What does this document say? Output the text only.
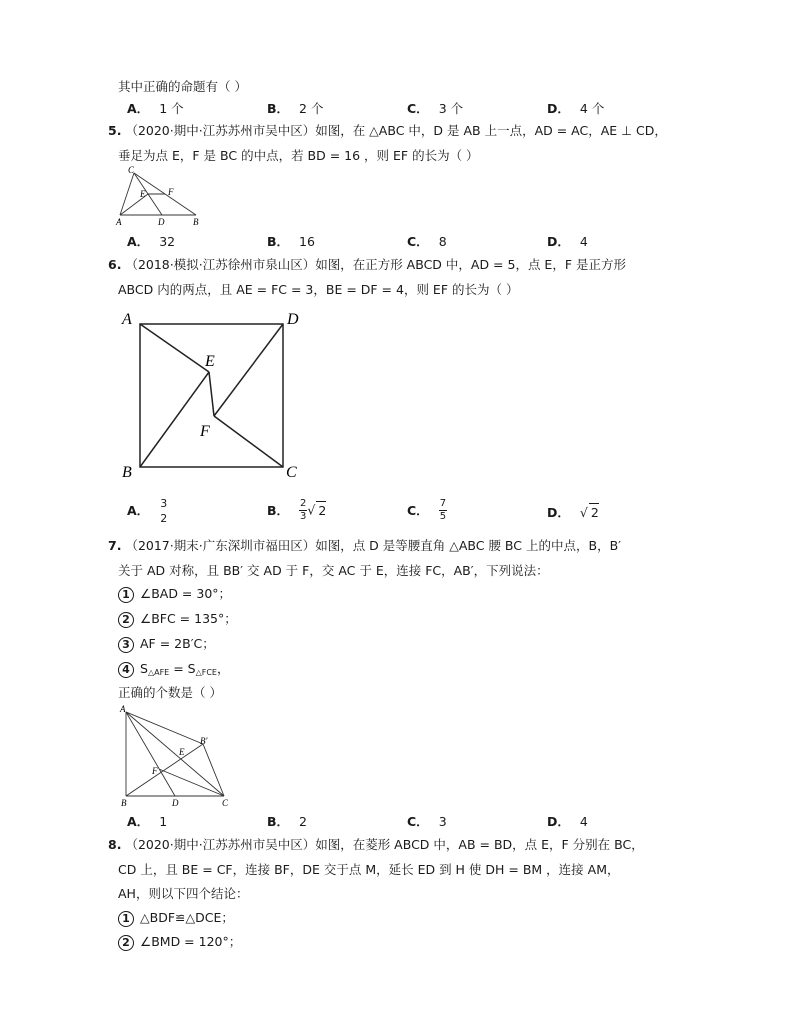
其中正确的命题有（ ）
A． 1 个	B． 2 个	C． 3 个	D． 4 个
5. （2020·期中·江苏苏州市吴中区）如图，在 △ABC 中，D 是 AB 上一点，AD = AC，AE ⊥ CD，
垂足为点 E，F 是 BC 的中点，若 BD = 16 ，则 EF 的长为（ ）
C
E	F
A	D	B
A． 32	B． 16	C． 8	D． 4
6. （2018·模拟·江苏徐州市泉山区）如图，在正方形 ABCD 中，AD = 5，点 E，F 是正方形
ABCD 内的两点，且 AE = FC = 3，BE = DF = 4，则 EF 的长为（ ）
A	D
E
F
B	C
A． 3
2
B． $\frac{2}{3}$ √ 2	C． $\frac{7}{5}$	D． √ 2
7. （2017·期末·广东深圳市福田区）如图，点 D 是等腰直角 △ABC 腰 BC 上的中点，B，B′
关于 AD 对称，且 BB′ 交 AD 于 F，交 AC 于 E，连接 FC，AB′，下列说法：
1 ∠BAD = 30°；
2 ∠BFC = 135°；
3 AF = 2B′C；
4 $S_{\triangle AFE} = S_{\triangle FCE}$，
正确的个数是（ ）
A
B′
E
F
B	D	C
A． 1	B． 2	C． 3	D． 4
8. （2020·期中·江苏苏州市吴中区）如图，在菱形 ABCD 中，AB = BD，点 E，F 分别在 BC，
CD 上，且 BE = CF，连接 BF，DE 交于点 M，延长 ED 到 H 使 DH = BM ，连接 AM，
AH，则以下四个结论：
1 △BDF≌△DCE；
2 ∠BMD = 120°；
